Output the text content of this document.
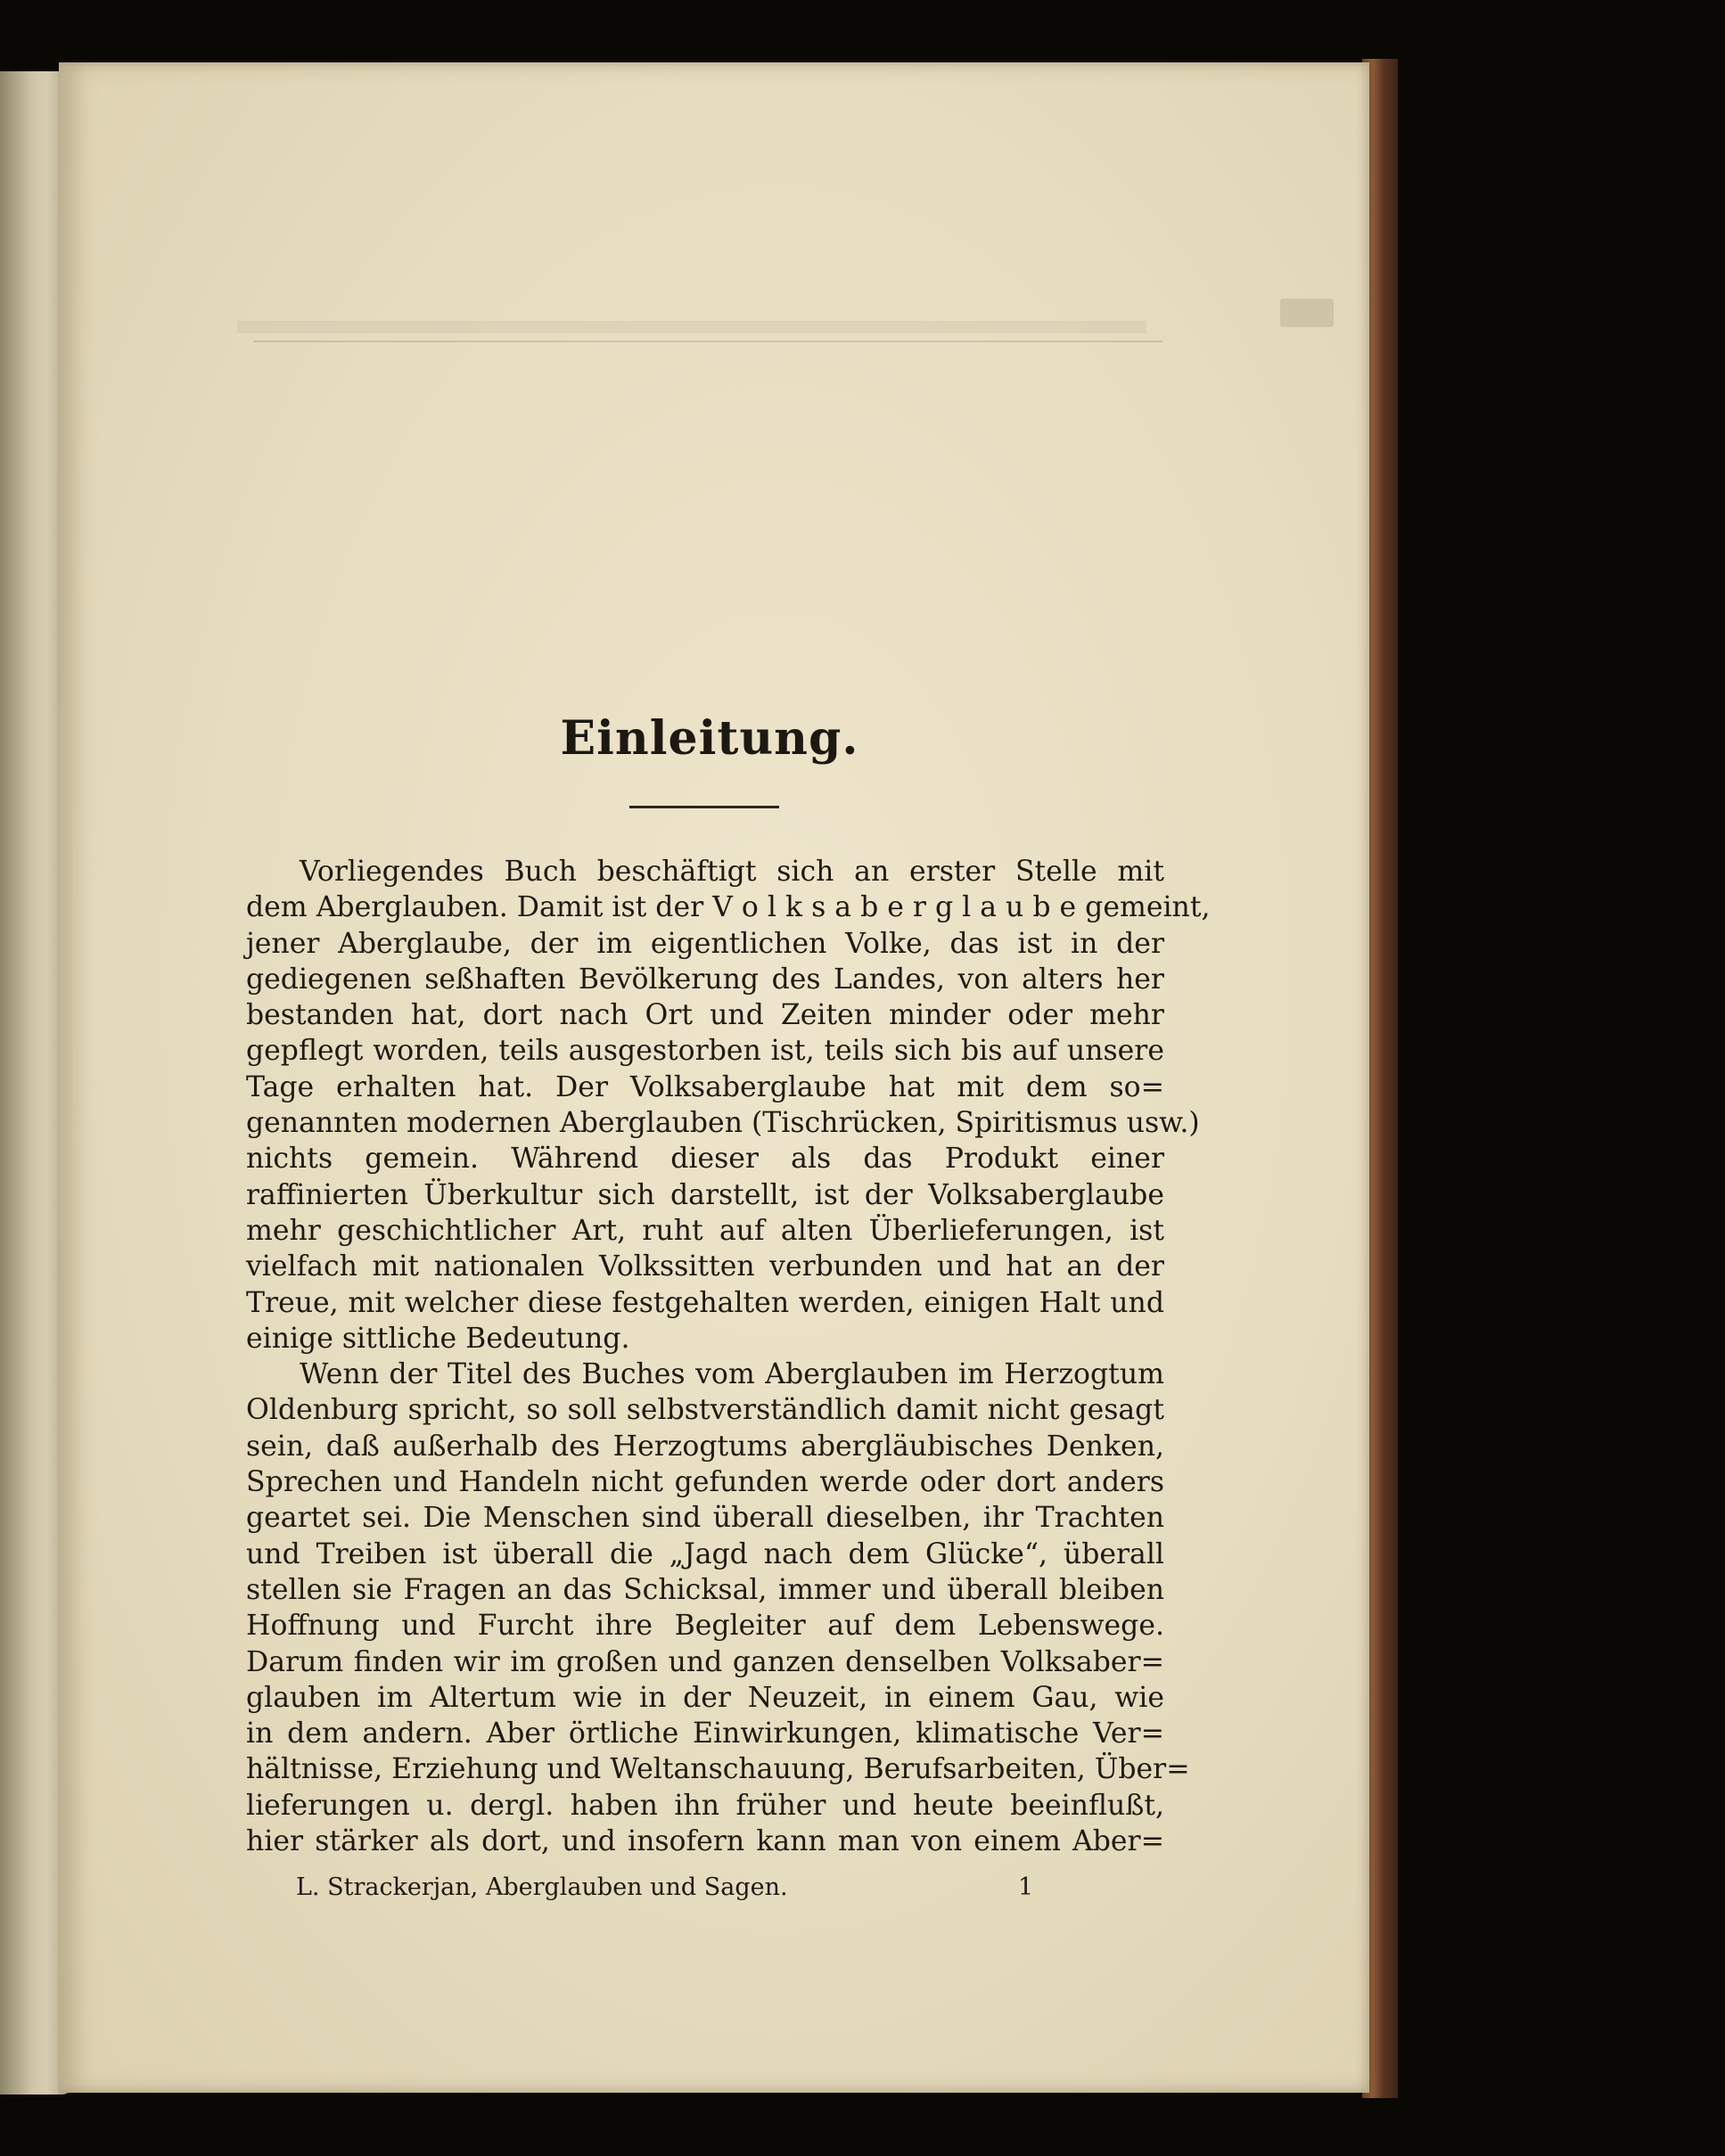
Einleitung.
Vorliegendes Buch beschäftigt sich an erster Stelle mit
dem Aberglauben. Damit ist der V o l k s a b e r g l a u b e gemeint,
jener Aberglaube, der im eigentlichen Volke, das ist in der
gediegenen seßhaften Bevölkerung des Landes, von alters her
bestanden hat, dort nach Ort und Zeiten minder oder mehr
gepflegt worden, teils ausgestorben ist, teils sich bis auf unsere
Tage erhalten hat. Der Volksaberglaube hat mit dem so=
genannten modernen Aberglauben (Tischrücken, Spiritismus usw.)
nichts gemein. Während dieser als das Produkt einer
raffinierten Überkultur sich darstellt, ist der Volksaberglaube
mehr geschichtlicher Art, ruht auf alten Überlieferungen, ist
vielfach mit nationalen Volkssitten verbunden und hat an der
Treue, mit welcher diese festgehalten werden, einigen Halt und
einige sittliche Bedeutung.
Wenn der Titel des Buches vom Aberglauben im Herzogtum
Oldenburg spricht, so soll selbstverständlich damit nicht gesagt
sein, daß außerhalb des Herzogtums abergläubisches Denken,
Sprechen und Handeln nicht gefunden werde oder dort anders
geartet sei. Die Menschen sind überall dieselben, ihr Trachten
und Treiben ist überall die „Jagd nach dem Glücke“, überall
stellen sie Fragen an das Schicksal, immer und überall bleiben
Hoffnung und Furcht ihre Begleiter auf dem Lebenswege.
Darum finden wir im großen und ganzen denselben Volksaber=
glauben im Altertum wie in der Neuzeit, in einem Gau, wie
in dem andern. Aber örtliche Einwirkungen, klimatische Ver=
hältnisse, Erziehung und Weltanschauung, Berufsarbeiten, Über=
lieferungen u. dergl. haben ihn früher und heute beeinflußt,
hier stärker als dort, und insofern kann man von einem Aber=
L. Strackerjan, Aberglauben und Sagen.	1
